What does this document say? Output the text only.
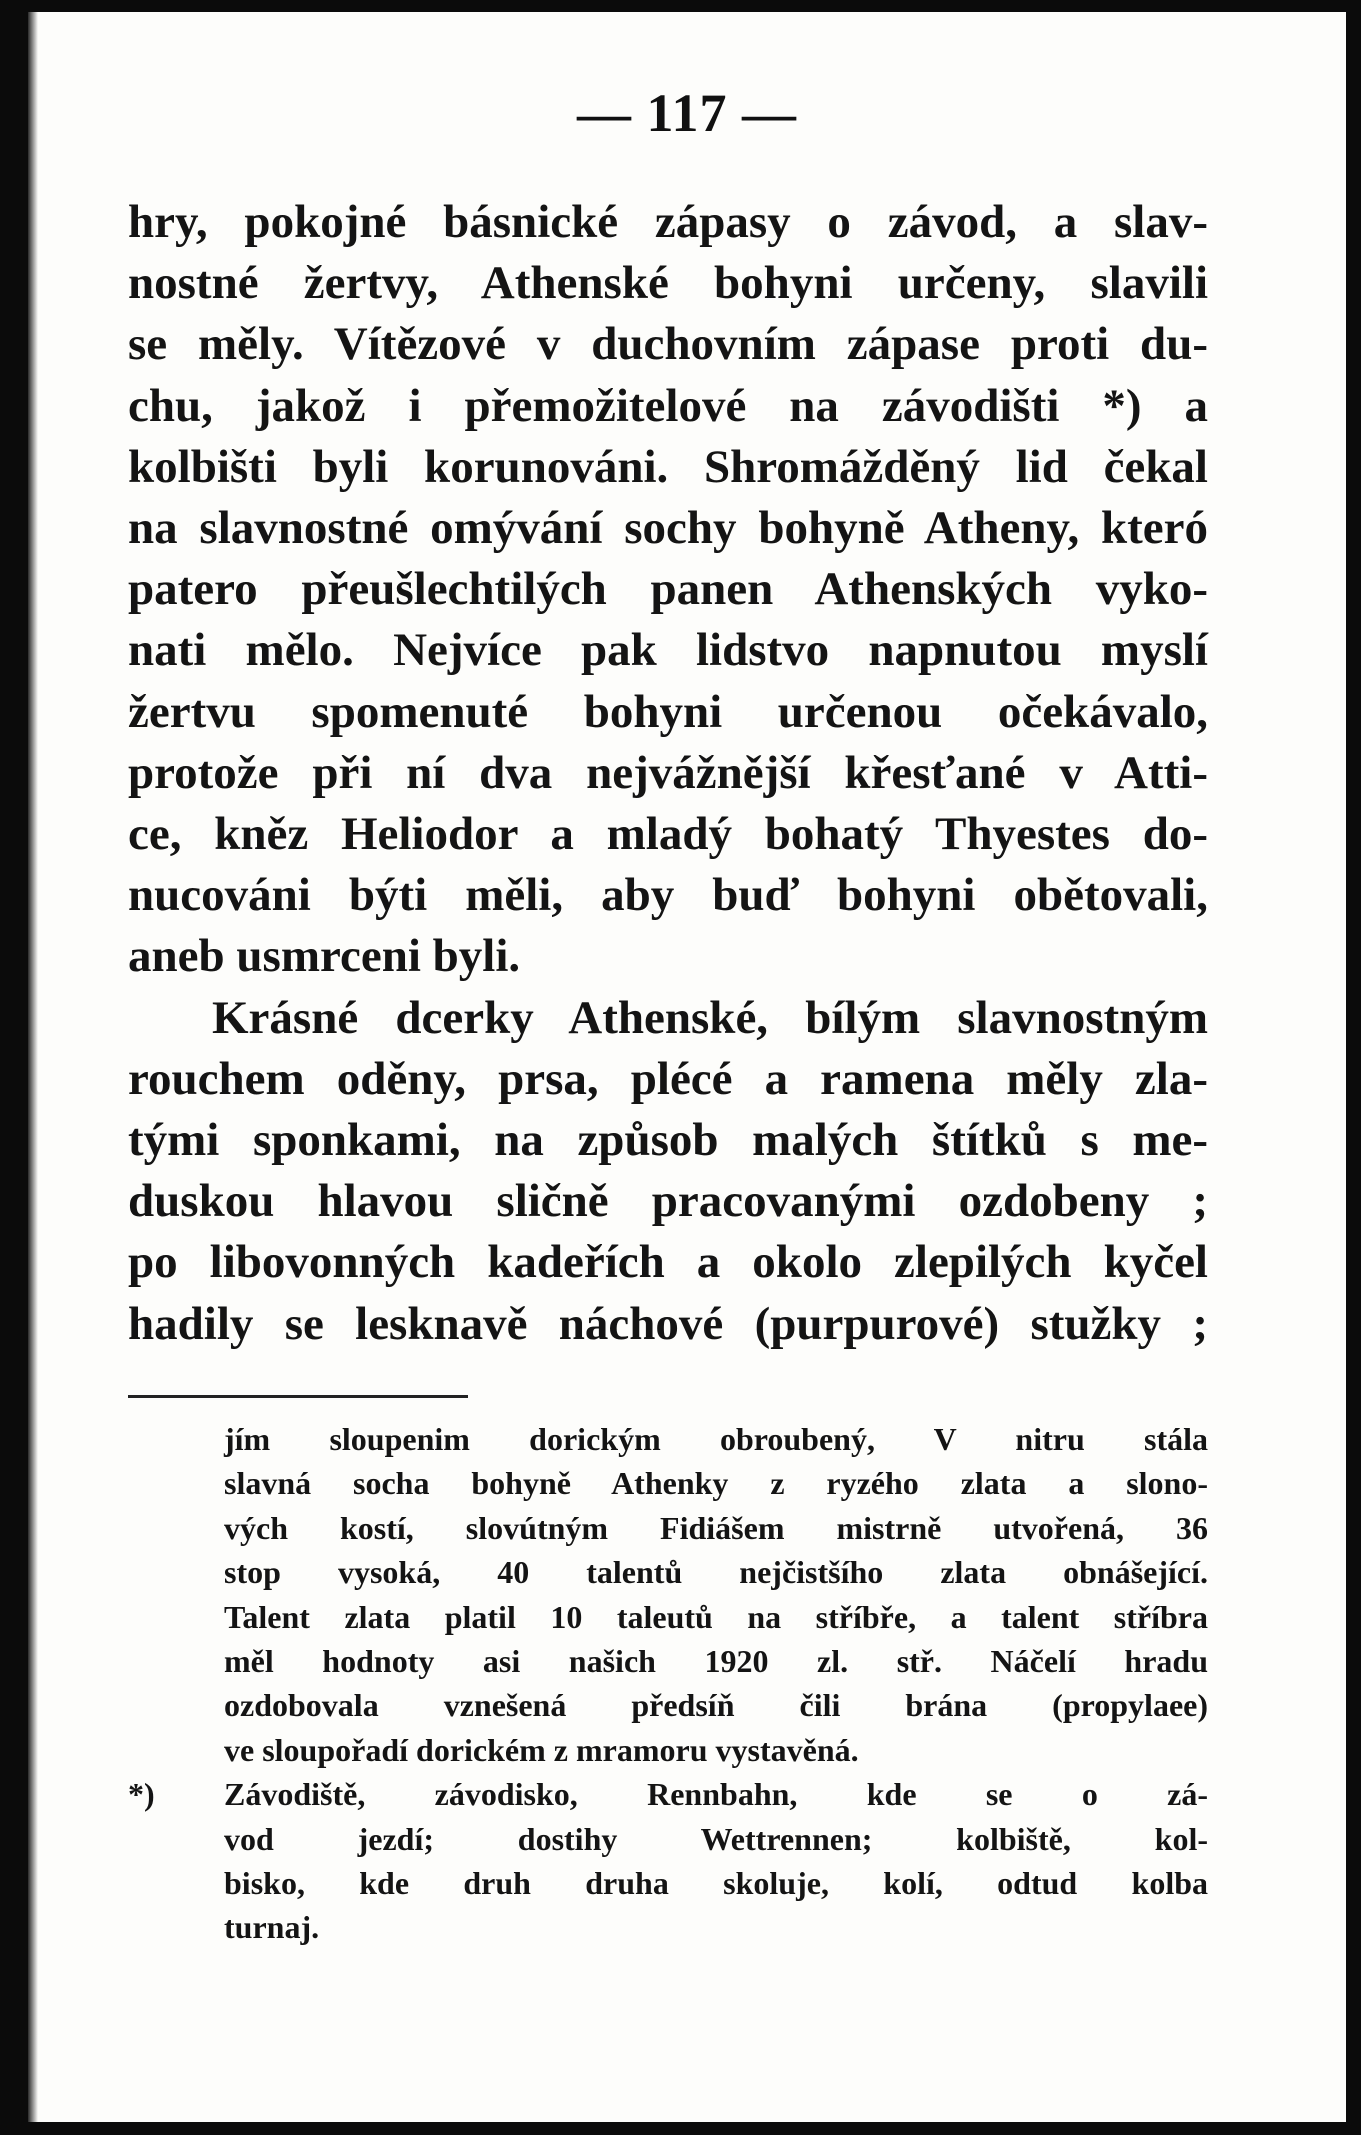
— 117 —

hry, pokojné básnické zápasy o závod, a slav-
nostné žertvy, Athenské bohyni určeny, slavili
se měly. Vítězové v duchovním zápase proti du-
chu, jakož i přemožitelové na závodišti *) a
kolbišti byli korunováni. Shromážděný lid čekal
na slavnostné omývání sochy bohyně Atheny, kteró
patero přeušlechtilých panen Athenských vyko-
nati mělo. Nejvíce pak lidstvo napnutou myslí
žertvu spomenuté bohyni určenou očekávalo,
protože při ní dva nejvážnější křesťané v Atti-
ce, kněz Heliodor a mladý bohatý Thyestes do-
nucováni býti měli, aby buď bohyni obětovali,
aneb usmrceni byli.

Krásné dcerky Athenské, bílým slavnostným
rouchem oděny, prsa, plécé a ramena měly zla-
tými sponkami, na způsob malých štítků s me-
duskou hlavou sličně pracovanými ozdobeny ;
po libovonných kadeřích a okolo zlepilých kyčel
hadily se lesknavě náchové (purpurové) stužky ;

jím sloupenim dorickým obroubený, V nitru stála
slavná socha bohyně Athenky z ryzého zlata a slono-
vých kostí, slovútným Fidiášem mistrně utvořená, 36
stop vysoká, 40 talentů nejčistšího zlata obnášející.
Talent zlata platil 10 taleutů na stříbře, a talent stříbra
měl hodnoty asi našich 1920 zl. stř. Náčelí hradu
ozdobovala vznešená předsíň čili brána (propylaee)
ve sloupořadí dorickém z mramoru vystavěná.
*) Závodiště, závodisko, Rennbahn, kde se o zá-
vod jezdí; dostihy Wettrennen; kolbiště, kol-
bisko, kde druh druha skoluje, kolí, odtud kolba
turnaj.
